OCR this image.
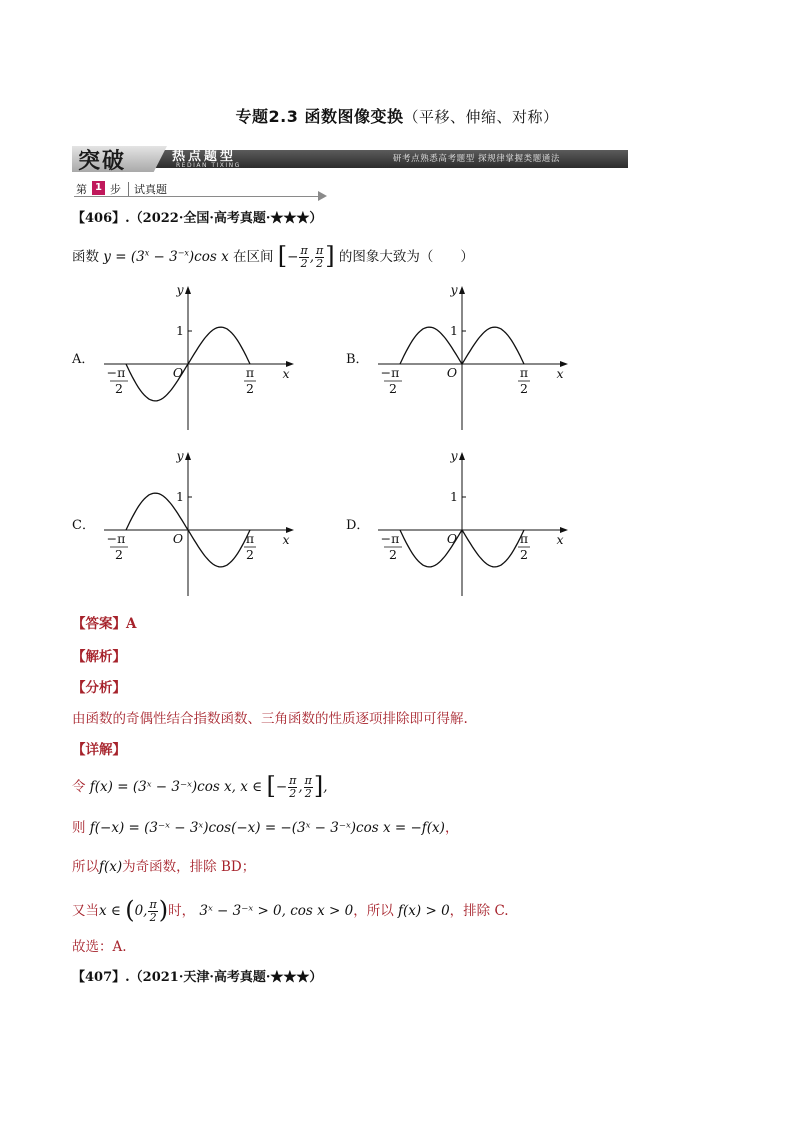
专题2.3 函数图像变换（平移、伸缩、对称）
突破	热点题型
REDIAN TIXING
研考点熟悉高考题型 探规律掌握类题通法
第 1 步 试真题
【406】.（2022·全国·高考真题·★★★）
函数 $y = (3^x - 3^{-x})\cos$ x 在区间 [− $\frac{\pi}{2}$ , $\frac{\pi}{2}$ ] 的图象大致为（　　）
A．	B．
C．	D．
y
x
O
1
−π
2
π
2
y
x
O
1
−π
2
π
2
y
x
O
1
−π
2
π
2
y
x
O
1
−π
2
π
2
【答案】A
【解析】
【分析】
由函数的奇偶性结合指数函数、三角函数的性质逐项排除即可得解.
【详解】
令 f(x) = (3ˣ − 3⁻ˣ)cos x, x ∈ [− $\frac{\pi}{2}$ , $\frac{\pi}{2}$ ],
则 f(−x) = (3⁻ˣ − 3ˣ)cos(−x) = −(3ˣ − 3⁻ˣ)cos x = −f(x)，
所以f(x)为奇函数，排除 BD；
又当x ∈ (0, $\frac{\pi}{2}$ )时， 3ˣ − 3⁻ˣ > 0, cos x > 0，所以 f(x) > 0，排除 C.
故选：A.
【407】.（2021·天津·高考真题·★★★）
